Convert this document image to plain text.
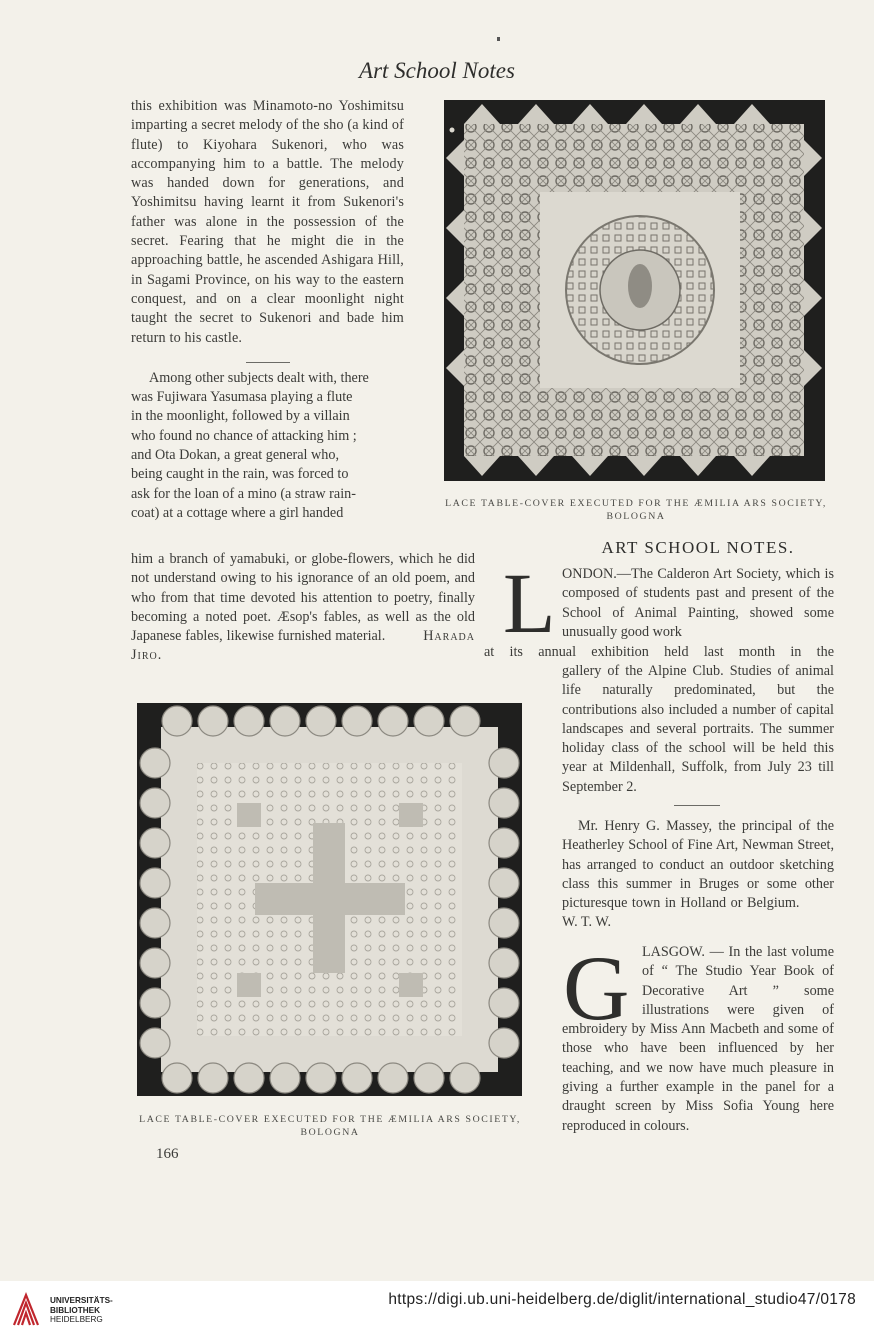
Art School Notes

this exhibition was Minamoto-no Yoshimitsu imparting a secret melody of the sho (a kind of flute) to Kiyohara Sukenori, who was accompanying him to a battle. The melody was handed down for generations, and Yoshimitsu having learnt it from Sukenori's father was alone in the possession of the secret. Fearing that he might die in the approaching battle, he ascended Ashigara Hill, in Sagami Province, on his way to the eastern conquest, and on a clear moonlight night taught the secret to Sukenori and bade him return to his castle.

Among other subjects dealt with, there
was Fujiwara Yasumasa playing a flute
in the moonlight, followed by a villain
who found no chance of attacking him ;
and Ota Dokan, a great general who,
being caught in the rain, was forced to
ask for the loan of a mino (a straw rain-
coat) at a cottage where a girl handed

him a branch of yamabuki, or globe-flowers, which he did not understand owing to his ignorance of an old poem, and who from that time devoted his attention to poetry, finally becoming a noted poet. Æsop's fables, as well as the old Japanese fables, likewise furnished material.	Harada Jiro.

LACE TABLE-COVER EXECUTED FOR THE ÆMILIA ARS SOCIETY, BOLOGNA
LACE TABLE-COVER EXECUTED FOR THE ÆMILIA ARS SOCIETY, BOLOGNA
166
ART SCHOOL NOTES.
L ONDON.—The Calderon Art Society, which is composed of students past and present of the School of Animal Painting, showed some unusually good work

at its annual exhibition held last month in the

gallery of the Alpine Club. Studies of animal life naturally predominated, but the contributions also included a number of capital landscapes and several portraits. The summer holiday class of the school will be held this year at Mildenhall, Suffolk, from July 23 till September 2.

Mr. Henry G. Massey, the principal of the Heatherley School of Fine Art, Newman Street, has arranged to conduct an outdoor sketching class this summer in Bruges or some other picturesque town in Holland or Belgium. W. T. W.

G LASGOW. — In the last volume of “ The Studio Year Book of Decorative Art ” some illustrations were given of embroidery by Miss Ann Macbeth and some of those who have been influenced by her teaching, and we now have much pleasure in giving a further example in the panel for a draught screen by Miss Sofia Young here reproduced in colours.

UNIVERSITÄTS-
BIBLIOTHEK
HEIDELBERG
https://digi.ub.uni-heidelberg.de/diglit/international_studio47/0178
